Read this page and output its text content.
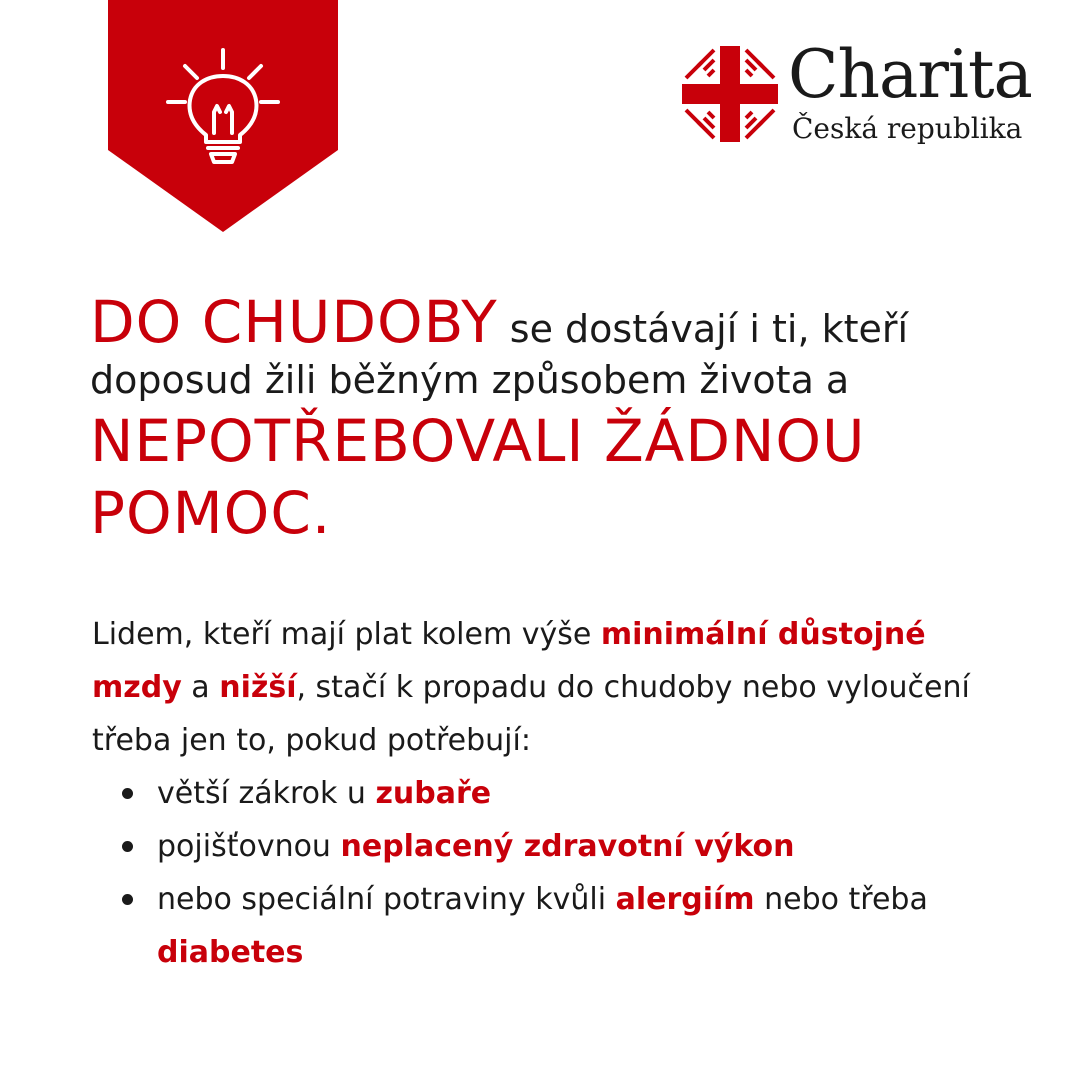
Charita
Česká republika
DO CHUDOBY se dostávají i ti, kteří
doposud žili běžným způsobem života a
NEPOTŘEBOVALI ŽÁDNOU
POMOC.
Lidem, kteří mají plat kolem výše minimální důstojné mzdy a nižší, stačí k propadu do chudoby nebo vyloučení třeba jen to, pokud potřebují:
větší zákrok u zubaře
pojišťovnou neplacený zdravotní výkon
nebo speciální potraviny kvůli alergiím nebo třeba diabetes
